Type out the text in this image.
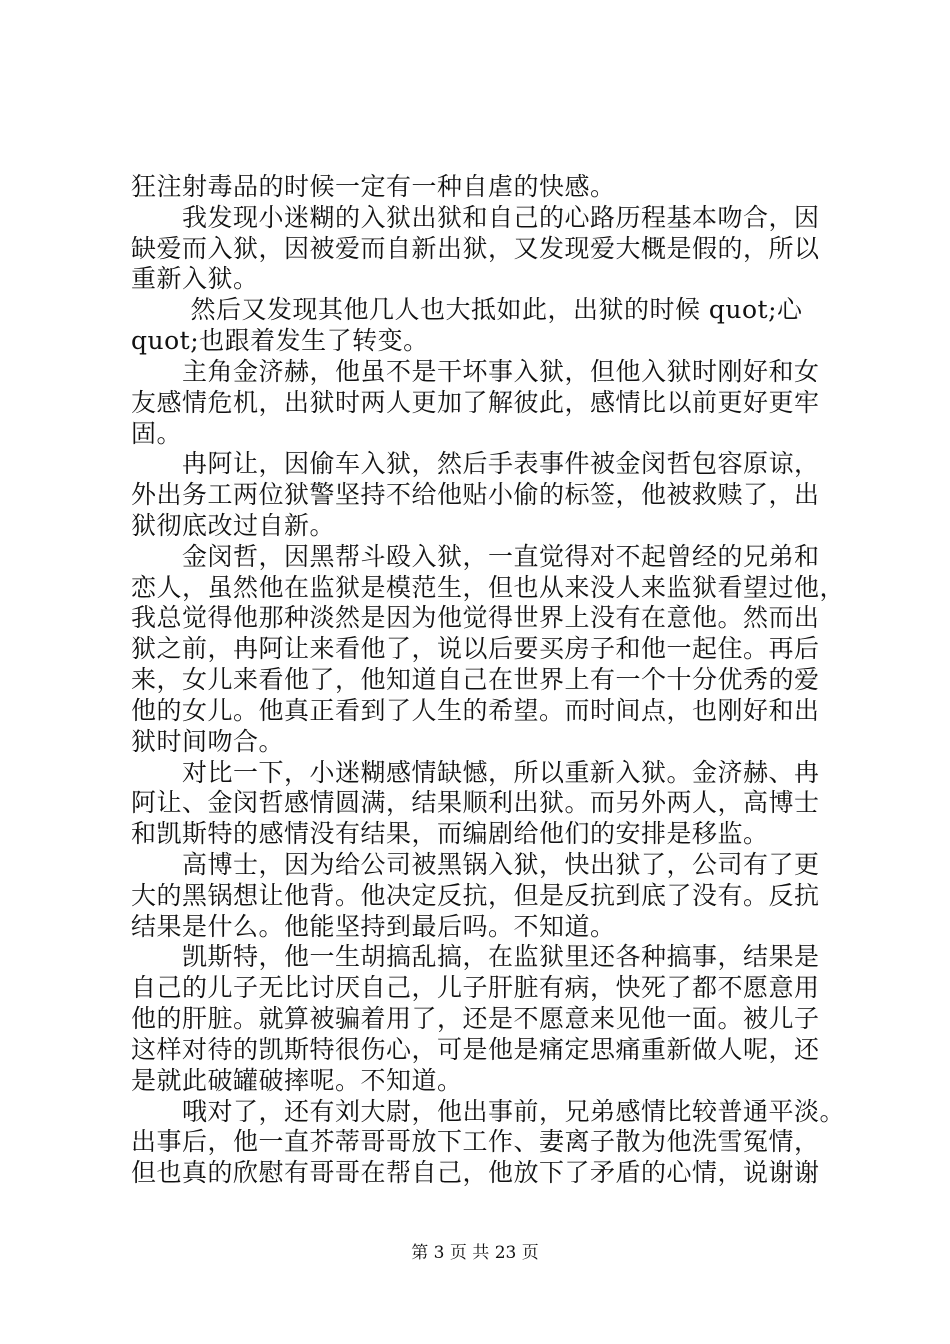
狂注射毒品的时候一定有一种自虐的快感。
　　我发现小迷糊的入狱出狱和自己的心路历程基本吻合，因
缺爱而入狱，因被爱而自新出狱，又发现爱大概是假的，所以
重新入狱。
　　 然后又发现其他几人也大抵如此，出狱的时候 quot;心
quot;也跟着发生了转变。
　　主角金济赫，他虽不是干坏事入狱，但他入狱时刚好和女
友感情危机，出狱时两人更加了解彼此，感情比以前更好更牢
固。
　　冉阿让，因偷车入狱，然后手表事件被金闵哲包容原谅，
外出务工两位狱警坚持不给他贴小偷的标签，他被救赎了，出
狱彻底改过自新。
　　金闵哲，因黑帮斗殴入狱，一直觉得对不起曾经的兄弟和
恋人，虽然他在监狱是模范生，但也从来没人来监狱看望过他，
我总觉得他那种淡然是因为他觉得世界上没有在意他。然而出
狱之前，冉阿让来看他了，说以后要买房子和他一起住。再后
来，女儿来看他了，他知道自己在世界上有一个十分优秀的爱
他的女儿。他真正看到了人生的希望。而时间点，也刚好和出
狱时间吻合。
　　对比一下，小迷糊感情缺憾，所以重新入狱。金济赫、冉
阿让、金闵哲感情圆满，结果顺利出狱。而另外两人，高博士
和凯斯特的感情没有结果，而编剧给他们的安排是移监。
　　高博士，因为给公司被黑锅入狱，快出狱了，公司有了更
大的黑锅想让他背。他决定反抗，但是反抗到底了没有。反抗
结果是什么。他能坚持到最后吗。不知道。
　　凯斯特，他一生胡搞乱搞，在监狱里还各种搞事，结果是
自己的儿子无比讨厌自己，儿子肝脏有病，快死了都不愿意用
他的肝脏。就算被骗着用了，还是不愿意来见他一面。被儿子
这样对待的凯斯特很伤心，可是他是痛定思痛重新做人呢，还
是就此破罐破摔呢。不知道。
　　哦对了，还有刘大尉，他出事前，兄弟感情比较普通平淡。
出事后，他一直芥蒂哥哥放下工作、妻离子散为他洗雪冤情，
但也真的欣慰有哥哥在帮自己，他放下了矛盾的心情，说谢谢
第 3 页 共 23 页
